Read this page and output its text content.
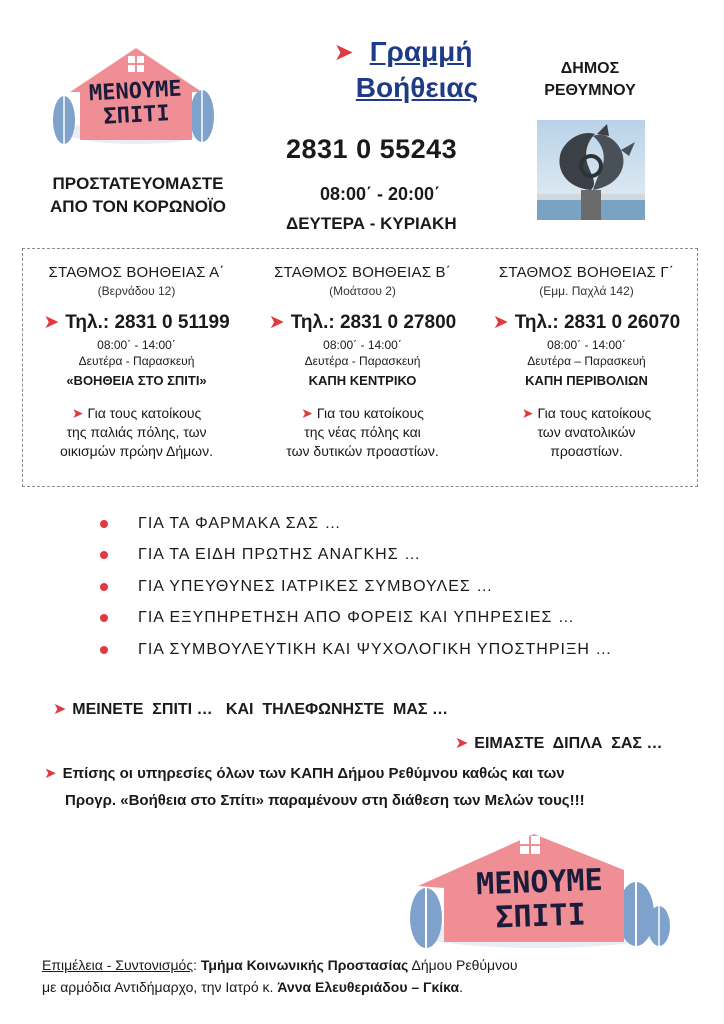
ΜΕΝΟΥΜΕ
ΣΠΙΤΙ
ΠΡΟΣΤΑΤΕΥΟΜΑΣΤΕ
ΑΠΟ ΤΟΝ ΚΟΡΩΝΟΪΟ
➤ Γραμμή
Βοήθειας
2831 0 55243
08:00΄ - 20:00΄
ΔΕΥΤΕΡΑ - ΚΥΡΙΑΚΗ
ΔΗΜΟΣ
ΡΕΘΥΜΝΟΥ
ΣΤΑΘΜΟΣ ΒΟΗΘΕΙΑΣ Α΄
(Βερνάδου 12)
➤ Τηλ.: 2831 0 51199
08:00΄ - 14:00΄
Δευτέρα - Παρασκευή
«ΒΟΗΘΕΙΑ ΣΤΟ ΣΠΙΤΙ»
➤ Για τους κατοίκους
της παλιάς πόλης, των
οικισμών πρώην Δήμων.
ΣΤΑΘΜΟΣ ΒΟΗΘΕΙΑΣ Β΄
(Μοάτσου 2)
➤ Τηλ.: 2831 0 27800
08:00΄ - 14:00΄
Δευτέρα - Παρασκευή
ΚΑΠΗ ΚΕΝΤΡΙΚΟ
➤ Για του κατοίκους
της νέας πόλης και
των δυτικών προαστίων.
ΣΤΑΘΜΟΣ ΒΟΗΘΕΙΑΣ Γ΄
(Εμμ. Παχλά 142)
➤ Τηλ.: 2831 0 26070
08:00΄ - 14:00΄
Δευτέρα – Παρασκευή
ΚΑΠΗ ΠΕΡΙΒΟΛΙΩΝ
➤ Για τους κατοίκους
των ανατολικών
προαστίων.
ΓΙΑ ΤΑ ΦΑΡΜΑΚΑ ΣΑΣ …
ΓΙΑ ΤΑ ΕΙΔΗ ΠΡΩΤΗΣ ΑΝΑΓΚΗΣ …
ΓΙΑ ΥΠΕΥΘΥΝΕΣ ΙΑΤΡΙΚΕΣ ΣΥΜΒΟΥΛΕΣ …
ΓΙΑ ΕΞΥΠΗΡΕΤΗΣΗ ΑΠΟ ΦΟΡΕΙΣ ΚΑΙ ΥΠΗΡΕΣΙΕΣ …
ΓΙΑ ΣΥΜΒΟΥΛΕΥΤΙΚΗ ΚΑΙ ΨΥΧΟΛΟΓΙΚΗ ΥΠΟΣΤΗΡΙΞΗ …

➤ ΜΕΙΝΕΤΕ  ΣΠΙΤΙ …   ΚΑΙ  ΤΗΛΕΦΩΝΗΣΤΕ  ΜΑΣ …

➤ ΕΙΜΑΣΤΕ  ΔΙΠΛΑ  ΣΑΣ …

➤ Επίσης οι υπηρεσίες όλων των ΚΑΠΗ Δήμου Ρεθύμνου καθώς και των
Προγρ. «Βοήθεια στο Σπίτι» παραμένουν στη διάθεση των Μελών τους!!!
ΜΕΝΟΥΜΕ
ΣΠΙΤΙ
Επιμέλεια - Συντονισμός: Τμήμα Κοινωνικής Προστασίας Δήμου Ρεθύμνου
με αρμόδια Αντιδήμαρχο, την Ιατρό κ. Άννα Ελευθεριάδου – Γκίκα.
